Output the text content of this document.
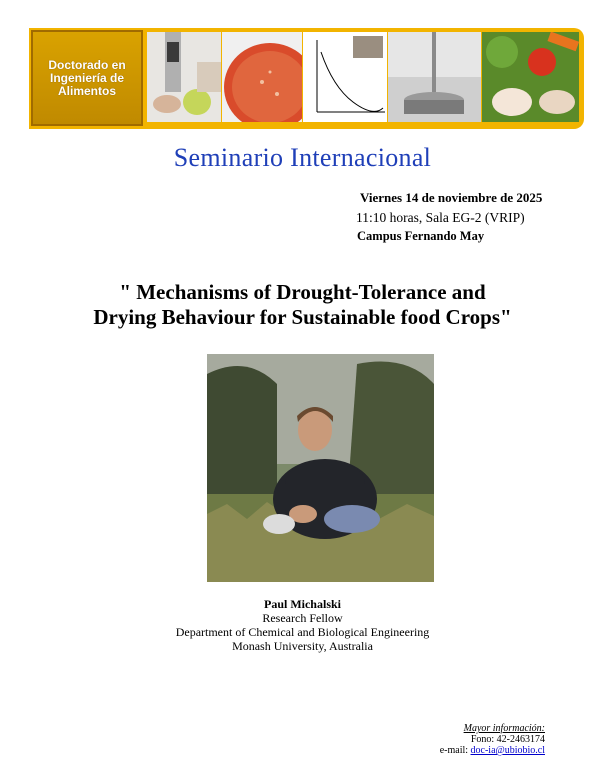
Doctorado en
Ingeniería de
Alimentos
Seminario Internacional
Viernes 14 de noviembre de 2025
11:10 horas, Sala EG-2 (VRIP)
Campus Fernando May
" Mechanisms of Drought-Tolerance and
Drying Behaviour for Sustainable food Crops"
Paul Michalski
Research Fellow
Department of Chemical and Biological Engineering
Monash University, Australia
Mayor información:
Fono: 42-2463174
e-mail: doc-ia@ubiobio.cl
